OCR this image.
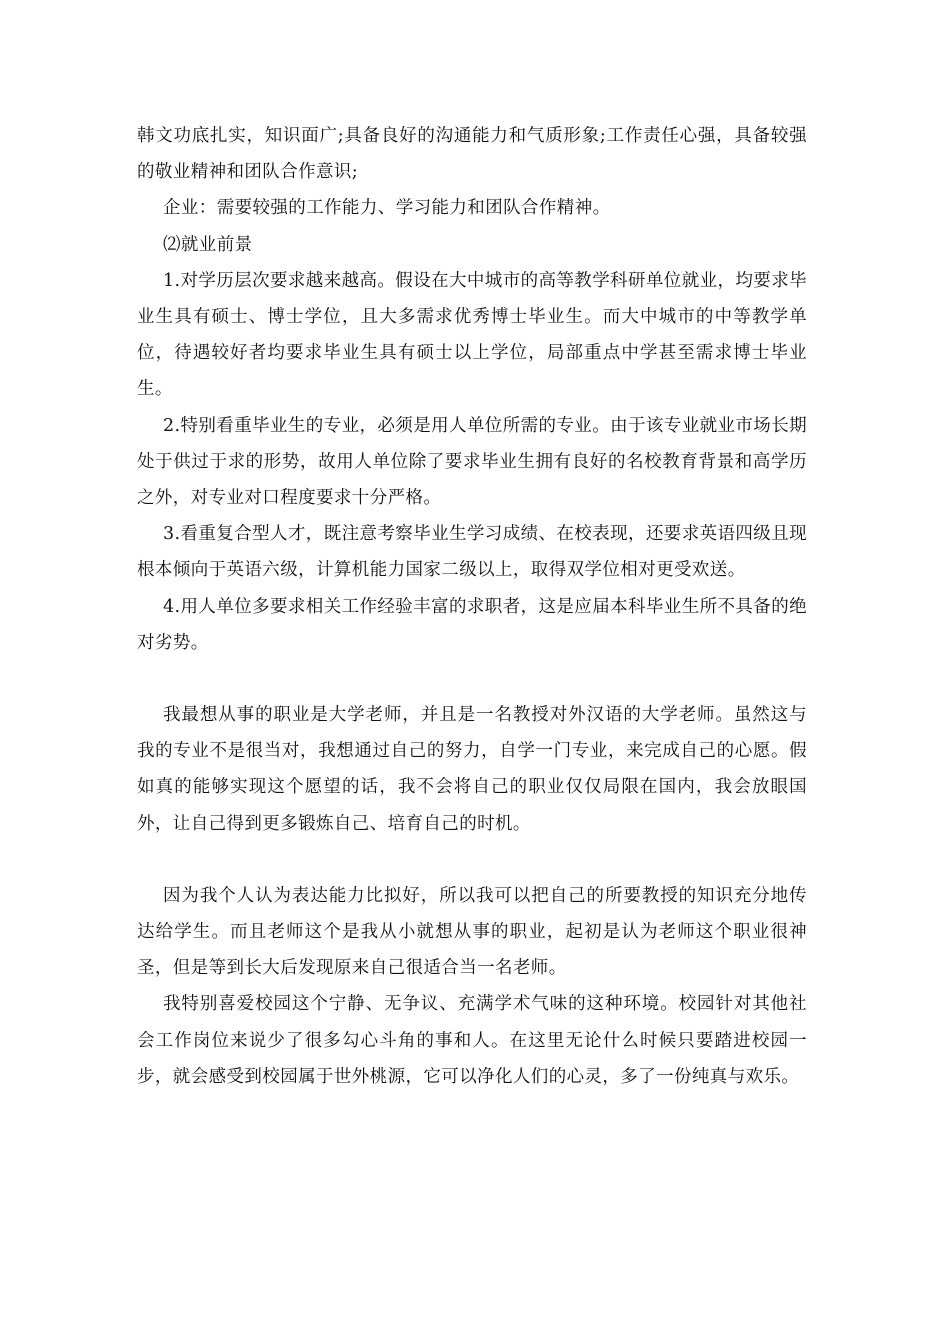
韩文功底扎实，知识面广;具备良好的沟通能力和气质形象;工作责任心强，具备较强的敬业精神和团队合作意识;

企业：需要较强的工作能力、学习能力和团队合作精神。

⑵就业前景

1.对学历层次要求越来越高。假设在大中城市的高等教学科研单位就业，均要求毕业生具有硕士、博士学位，且大多需求优秀博士毕业生。而大中城市的中等教学单位，待遇较好者均要求毕业生具有硕士以上学位，局部重点中学甚至需求博士毕业生。

2.特别看重毕业生的专业，必须是用人单位所需的专业。由于该专业就业市场长期处于供过于求的形势，故用人单位除了要求毕业生拥有良好的名校教育背景和高学历之外，对专业对口程度要求十分严格。

3.看重复合型人才，既注意考察毕业生学习成绩、在校表现，还要求英语四级且现根本倾向于英语六级，计算机能力国家二级以上，取得双学位相对更受欢送。

4.用人单位多要求相关工作经验丰富的求职者，这是应届本科毕业生所不具备的绝对劣势。

我最想从事的职业是大学老师，并且是一名教授对外汉语的大学老师。虽然这与我的专业不是很当对，我想通过自己的努力，自学一门专业，来完成自己的心愿。假如真的能够实现这个愿望的话，我不会将自己的职业仅仅局限在国内，我会放眼国外，让自己得到更多锻炼自己、培育自己的时机。

因为我个人认为表达能力比拟好，所以我可以把自己的所要教授的知识充分地传达给学生。而且老师这个是我从小就想从事的职业，起初是认为老师这个职业很神圣，但是等到长大后发现原来自己很适合当一名老师。

我特别喜爱校园这个宁静、无争议、充满学术气味的这种环境。校园针对其他社会工作岗位来说少了很多勾心斗角的事和人。在这里无论什么时候只要踏进校园一步，就会感受到校园属于世外桃源，它可以净化人们的心灵，多了一份纯真与欢乐。
